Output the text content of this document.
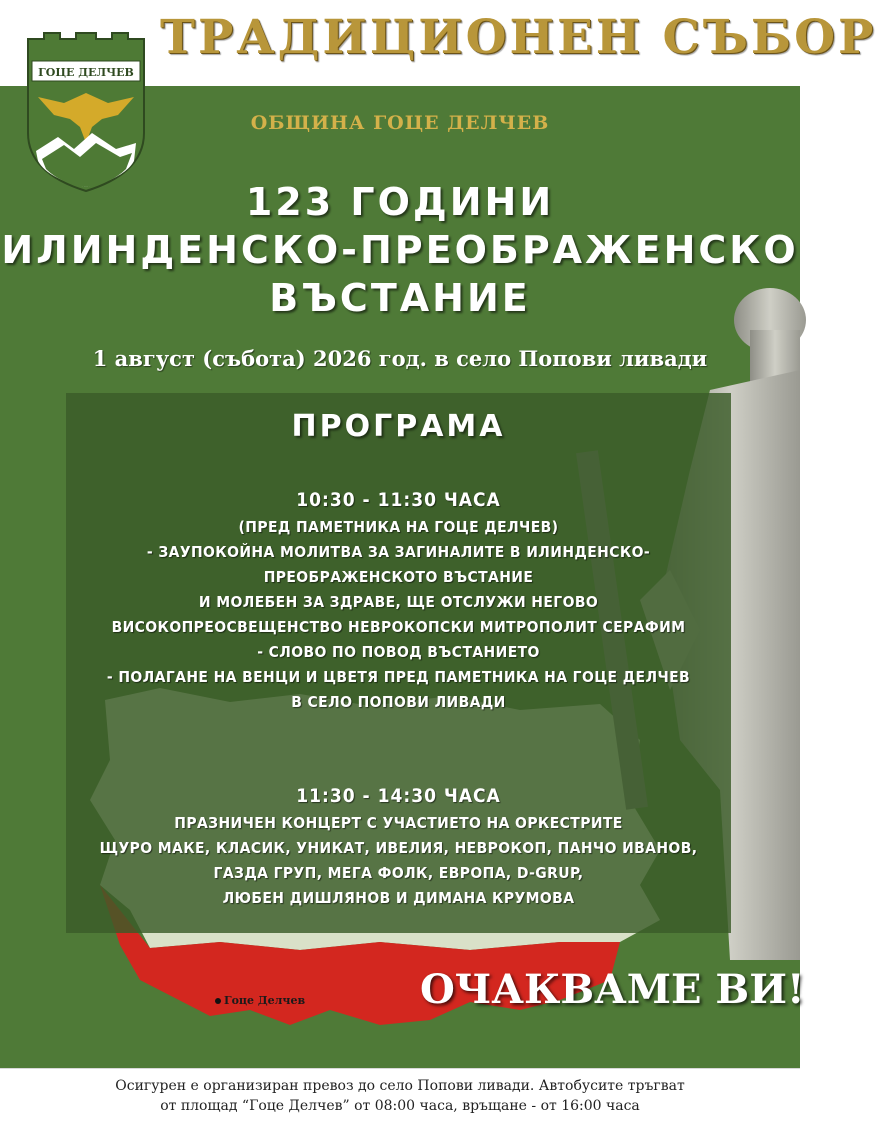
ГОЦЕ ДЕЛЧЕВ
ТРАДИЦИОНЕН СЪБОР
ОБЩИНА ГОЦЕ ДЕЛЧЕВ
123 ГОДИНИ
ИЛИНДЕНСКО-ПРЕОБРАЖЕНСКО
ВЪСТАНИЕ
1 август (събота) 2026 год. в село Попови ливади
ПРОГРАМА
10:30 - 11:30 ЧАСА
(ПРЕД ПАМЕТНИКА НА ГОЦЕ ДЕЛЧЕВ)
- ЗАУПОКОЙНА МОЛИТВА ЗА ЗАГИНАЛИТЕ В ИЛИНДЕНСКО-
ПРЕОБРАЖЕНСКОТО ВЪСТАНИЕ
И МОЛЕБЕН ЗА ЗДРАВЕ, ЩЕ ОТСЛУЖИ НЕГОВО
ВИСОКОПРЕОСВЕЩЕНСТВО НЕВРОКОПСКИ МИТРОПОЛИТ СЕРАФИМ
- СЛОВО ПО ПОВОД ВЪСТАНИЕТО
- ПОЛАГАНЕ НА ВЕНЦИ И ЦВЕТЯ ПРЕД ПАМЕТНИКА НА ГОЦЕ ДЕЛЧЕВ
В СЕЛО ПОПОВИ ЛИВАДИ
11:30 - 14:30 ЧАСА
ПРАЗНИЧЕН КОНЦЕРТ С УЧАСТИЕТО НА ОРКЕСТРИТЕ
ЩУРО МАКЕ, КЛАСИК, УНИКАТ, ИВЕЛИЯ, НЕВРОКОП, ПАНЧО ИВАНОВ,
ГАЗДА ГРУП, МЕГА ФОЛК, ЕВРОПА, D-GRUP,
ЛЮБЕН ДИШЛЯНОВ И ДИМАНА КРУМОВА
Гоце Делчев	ОЧАКВАМЕ ВИ!
Осигурен е организиран превоз до село Попови ливади. Автобусите тръгват
от площад “Гоце Делчев” от 08:00 часа, връщане - от 16:00 часа
